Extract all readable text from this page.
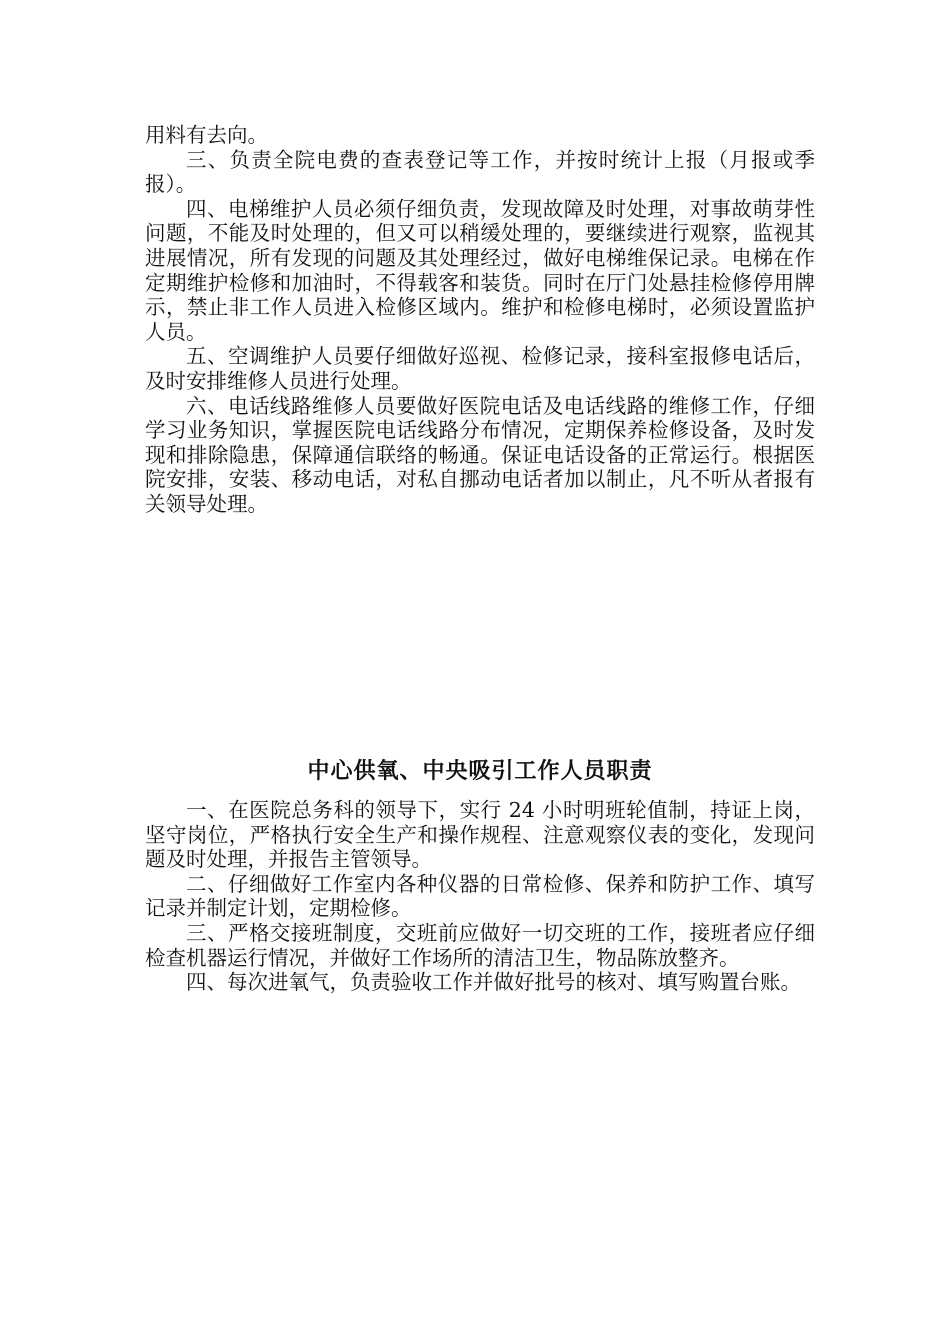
用料有去向。

三、负责全院电费的查表登记等工作，并按时统计上报（月报或季报）。

四、电梯维护人员必须仔细负责，发现故障及时处理，对事故萌芽性问题，不能及时处理的，但又可以稍缓处理的，要继续进行观察，监视其进展情况，所有发现的问题及其处理经过，做好电梯维保记录。电梯在作定期维护检修和加油时，不得载客和装货。同时在厅门处悬挂检修停用牌示，禁止非工作人员进入检修区域内。维护和检修电梯时，必须设置监护人员。

五、空调维护人员要仔细做好巡视、检修记录，接科室报修电话后，及时安排维修人员进行处理。

六、电话线路维修人员要做好医院电话及电话线路的维修工作，仔细学习业务知识，掌握医院电话线路分布情况，定期保养检修设备，及时发现和排除隐患，保障通信联络的畅通。保证电话设备的正常运行。根据医院安排，安装、移动电话，对私自挪动电话者加以制止，凡不听从者报有关领导处理。

中心供氧、中央吸引工作人员职责

一、在医院总务科的领导下，实行 24 小时明班轮值制，持证上岗，坚守岗位，严格执行安全生产和操作规程、注意观察仪表的变化，发现问题及时处理，并报告主管领导。

二、仔细做好工作室内各种仪器的日常检修、保养和防护工作、填写记录并制定计划，定期检修。

三、严格交接班制度，交班前应做好一切交班的工作，接班者应仔细检查机器运行情况，并做好工作场所的清洁卫生，物品陈放整齐。

四、每次进氧气，负责验收工作并做好批号的核对、填写购置台账。
